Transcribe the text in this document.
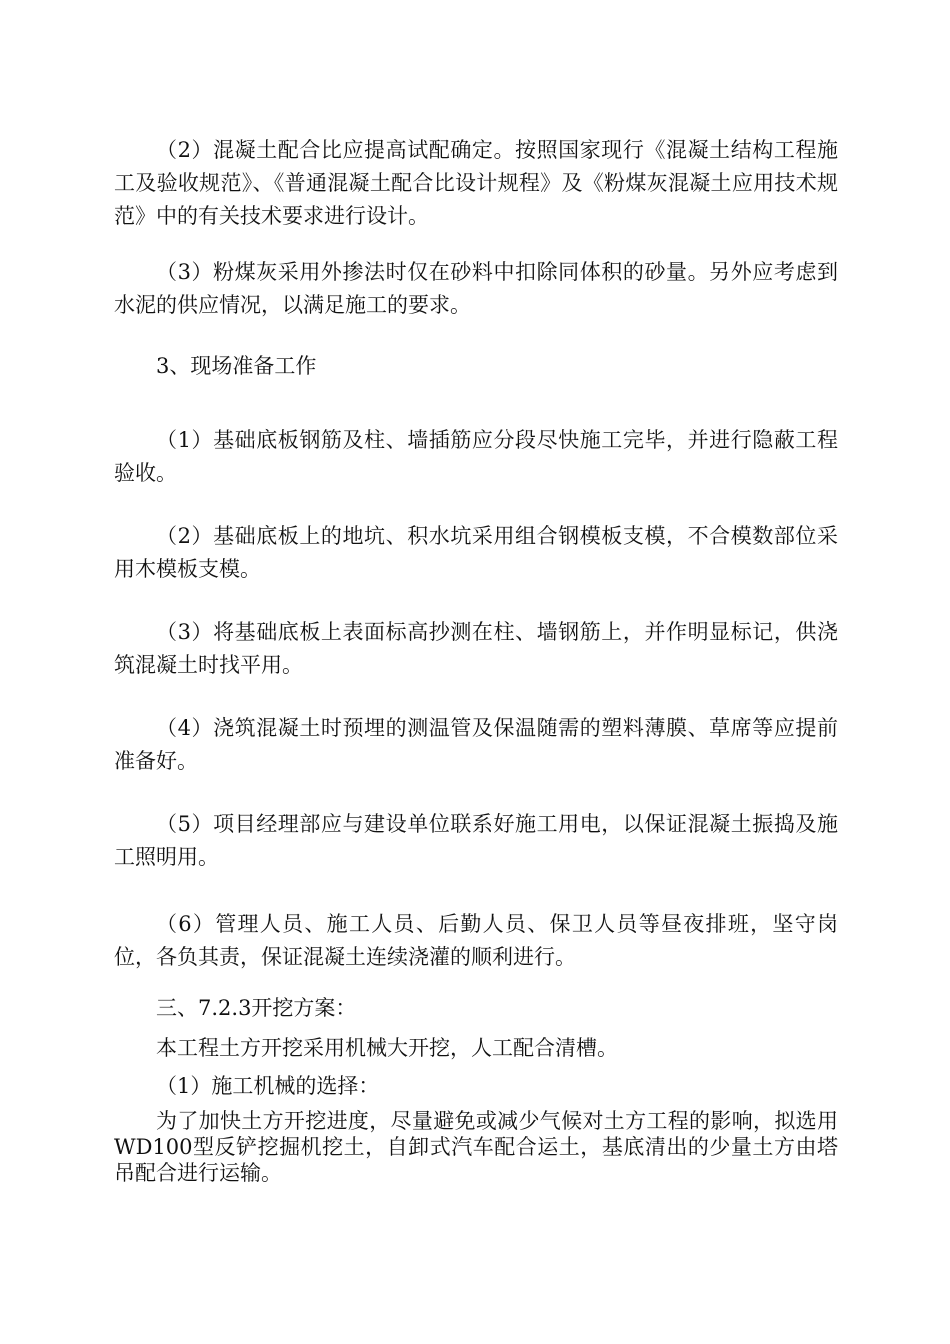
（2）混凝土配合比应提高试配确定。按照国家现行《混凝土结构工程施工及验收规范》、《普通混凝土配合比设计规程》及《粉煤灰混凝土应用技术规范》中的有关技术要求进行设计。

（3）粉煤灰采用外掺法时仅在砂料中扣除同体积的砂量。另外应考虑到水泥的供应情况，以满足施工的要求。

3、现场准备工作

（1）基础底板钢筋及柱、墙插筋应分段尽快施工完毕，并进行隐蔽工程验收。

（2）基础底板上的地坑、积水坑采用组合钢模板支模，不合模数部位采用木模板支模。

（3）将基础底板上表面标高抄测在柱、墙钢筋上，并作明显标记，供浇筑混凝土时找平用。

（4）浇筑混凝土时预埋的测温管及保温随需的塑料薄膜、草席等应提前准备好。

（5）项目经理部应与建设单位联系好施工用电，以保证混凝土振捣及施工照明用。

（6）管理人员、施工人员、后勤人员、保卫人员等昼夜排班，坚守岗位，各负其责，保证混凝土连续浇灌的顺利进行。

三、7.2.3开挖方案：

本工程土方开挖采用机械大开挖，人工配合清槽。

（1）施工机械的选择：

为了加快土方开挖进度，尽量避免或减少气候对土方工程的影响，拟选用WD100型反铲挖掘机挖土，自卸式汽车配合运土，基底清出的少量土方由塔吊配合进行运输。
